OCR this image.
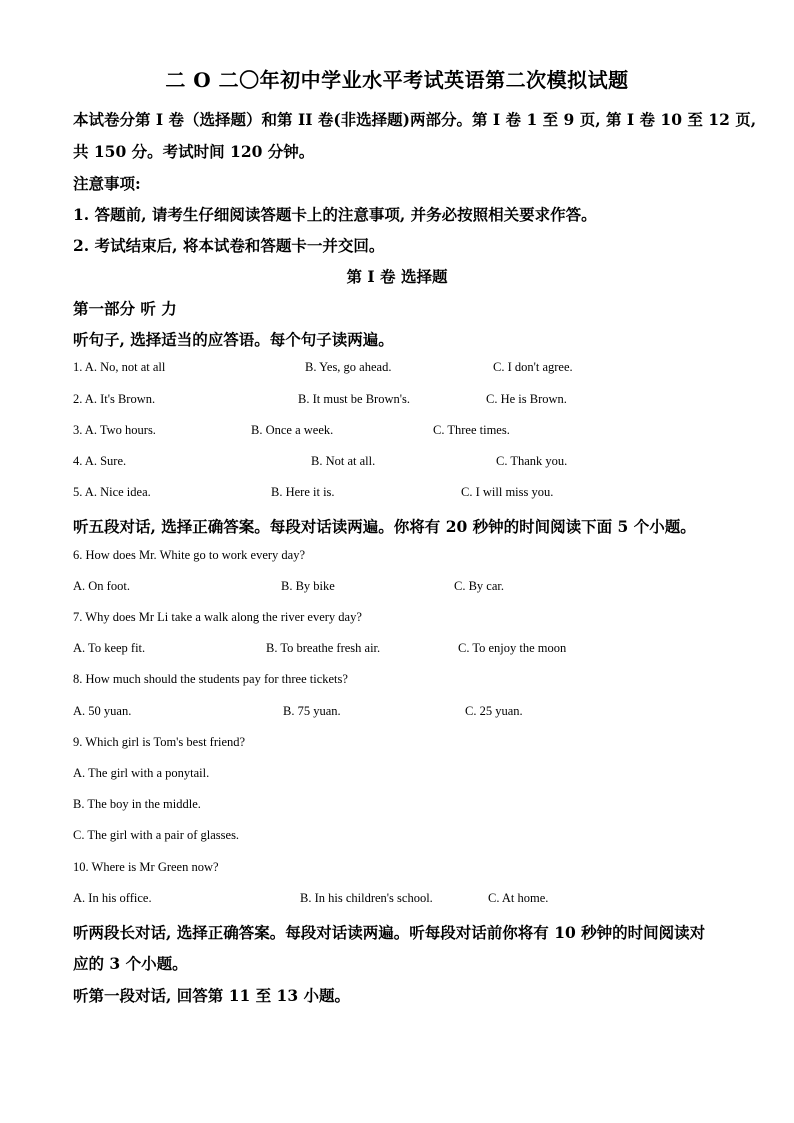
二 O 二〇年初中学业水平考试英语第二次模拟试题
本试卷分第 I 卷（选择题）和第 II 卷(非选择题)两部分。第 I 卷 1 至 9 页, 第 I 卷 10 至 12 页,
共 150 分。考试时间 120 分钟。
注意事项:
1. 答题前, 请考生仔细阅读答题卡上的注意事项, 并务必按照相关要求作答。
2. 考试结束后, 将本试卷和答题卡一并交回。
第 I 卷 选择题
第一部分 听 力
听句子, 选择适当的应答语。每个句子读两遍。
1. A. No, not at all	B. Yes, go ahead.	C. I don't agree.
2. A. It's Brown.	B. It must be Brown's.	C. He is Brown.
3. A. Two hours.	B. Once a week.	C. Three times.
4. A. Sure.	B. Not at all.	C. Thank you.
5. A. Nice idea.	B. Here it is.	C. I will miss you.
听五段对话, 选择正确答案。每段对话读两遍。你将有 20 秒钟的时间阅读下面 5 个小题。
6. How does Mr. White go to work every day?
A. On foot.	B. By bike	C. By car.
7. Why does Mr Li take a walk along the river every day?
A. To keep fit.	B. To breathe fresh air.	C. To enjoy the moon
8. How much should the students pay for three tickets?
A. 50 yuan.	B. 75 yuan.	C. 25 yuan.
9. Which girl is Tom's best friend?
A. The girl with a ponytail.
B. The boy in the middle.
C. The girl with a pair of glasses.
10. Where is Mr Green now?
A. In his office.	B. In his children's school.	C. At home.
听两段长对话, 选择正确答案。每段对话读两遍。听每段对话前你将有 10 秒钟的时间阅读对
应的 3 个小题。
听第一段对话, 回答第 11 至 13 小题。
